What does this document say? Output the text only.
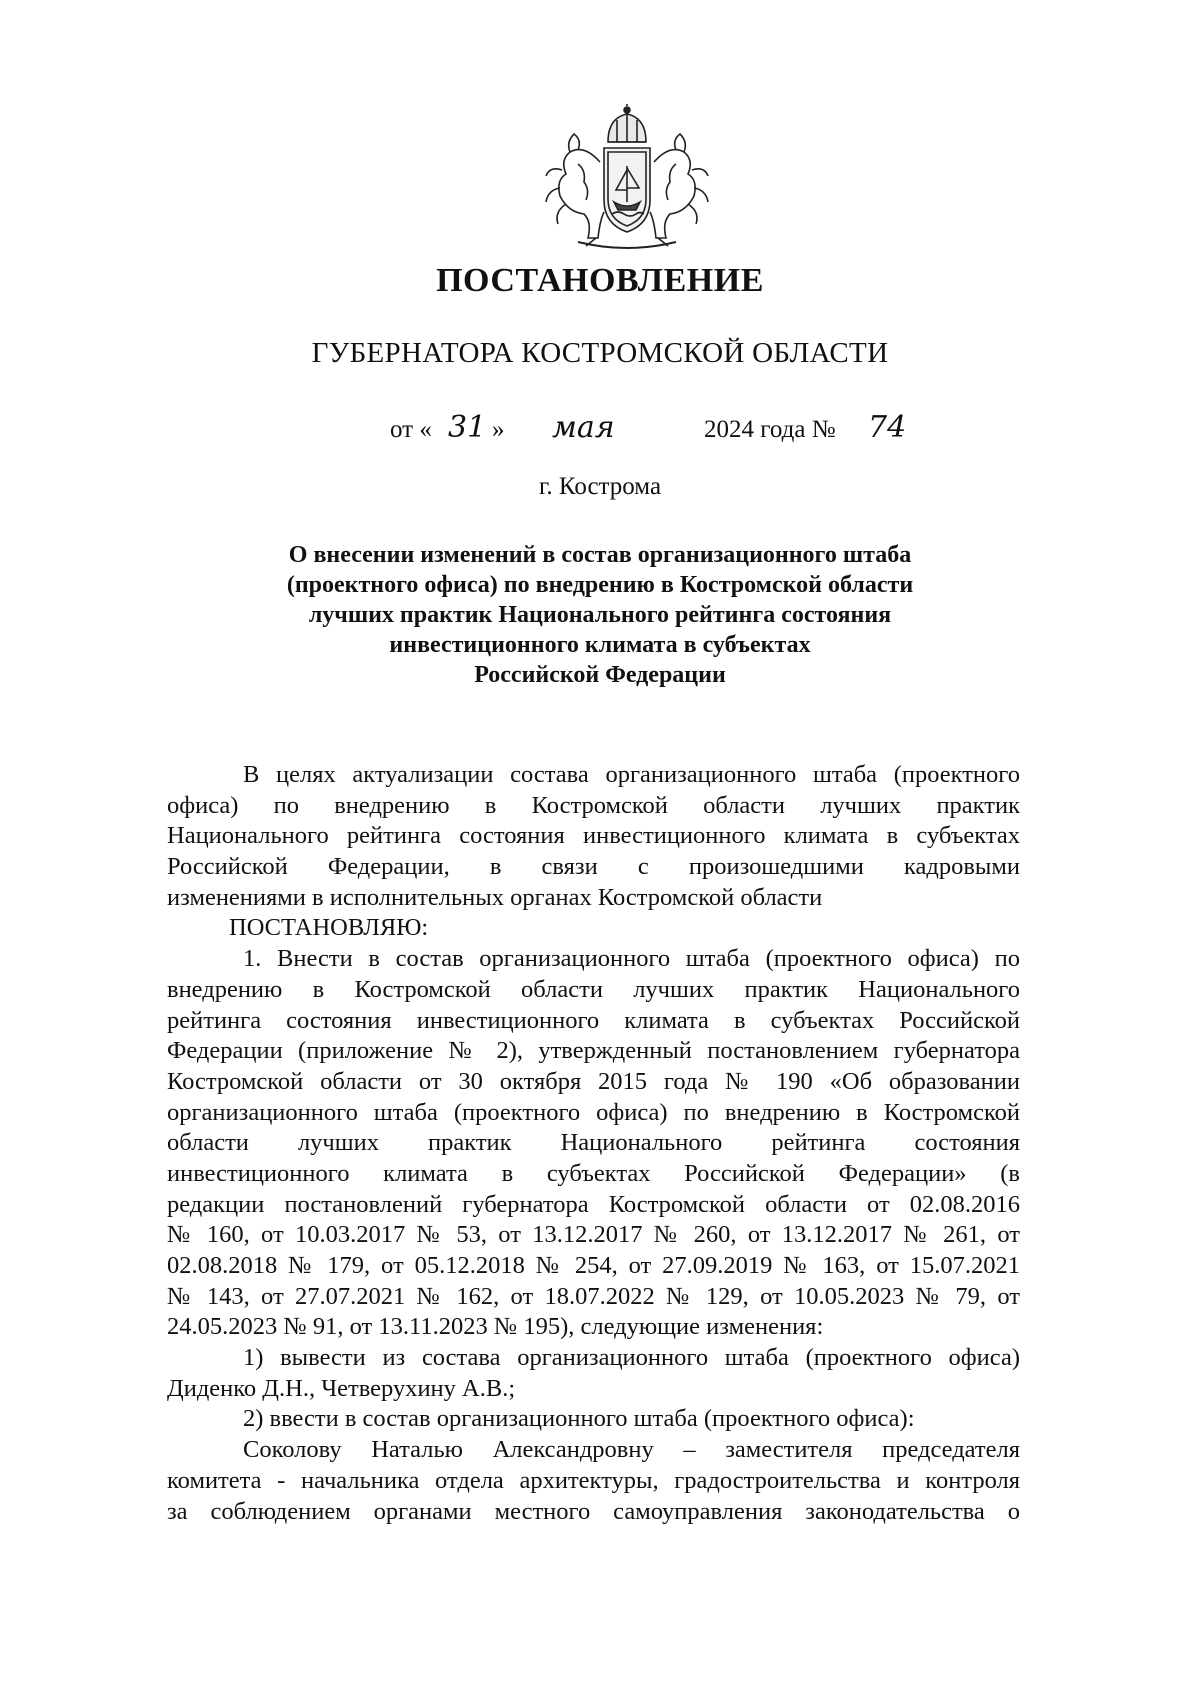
ПОСТАНОВЛЕНИЕ
ГУБЕРНАТОРА КОСТРОМСКОЙ ОБЛАСТИ
от « 31 » мая	2024 года № 74
г. Кострома
О внесении изменений в состав организационного штаба
(проектного офиса) по внедрению в Костромской области
лучших практик Национального рейтинга состояния
инвестиционного климата в субъектах
Российской Федерации
В целях актуализации состава организационного штаба (проектного
офиса) по внедрению в Костромской области лучших практик
Национального рейтинга состояния инвестиционного климата в субъектах
Российской Федерации, в связи с произошедшими кадровыми
изменениями в исполнительных органах Костромской области
ПОСТАНОВЛЯЮ:
1. Внести в состав организационного штаба (проектного офиса) по
внедрению в Костромской области лучших практик Национального
рейтинга состояния инвестиционного климата в субъектах Российской
Федерации (приложение № 2), утвержденный постановлением губернатора
Костромской области от 30 октября 2015 года № 190 «Об образовании
организационного штаба (проектного офиса) по внедрению в Костромской
области лучших практик Национального рейтинга состояния
инвестиционного климата в субъектах Российской Федерации» (в
редакции постановлений губернатора Костромской области от 02.08.2016
№ 160, от 10.03.2017 № 53, от 13.12.2017 № 260, от 13.12.2017 № 261, от
02.08.2018 № 179, от 05.12.2018 № 254, от 27.09.2019 № 163, от 15.07.2021
№ 143, от 27.07.2021 № 162, от 18.07.2022 № 129, от 10.05.2023 № 79, от
24.05.2023 № 91, от 13.11.2023 № 195), следующие изменения:
1) вывести из состава организационного штаба (проектного офиса)
Диденко Д.Н., Четверухину А.В.;
2) ввести в состав организационного штаба (проектного офиса):
Соколову Наталью Александровну – заместителя председателя
комитета - начальника отдела архитектуры, градостроительства и контроля
за соблюдением органами местного самоуправления законодательства о
